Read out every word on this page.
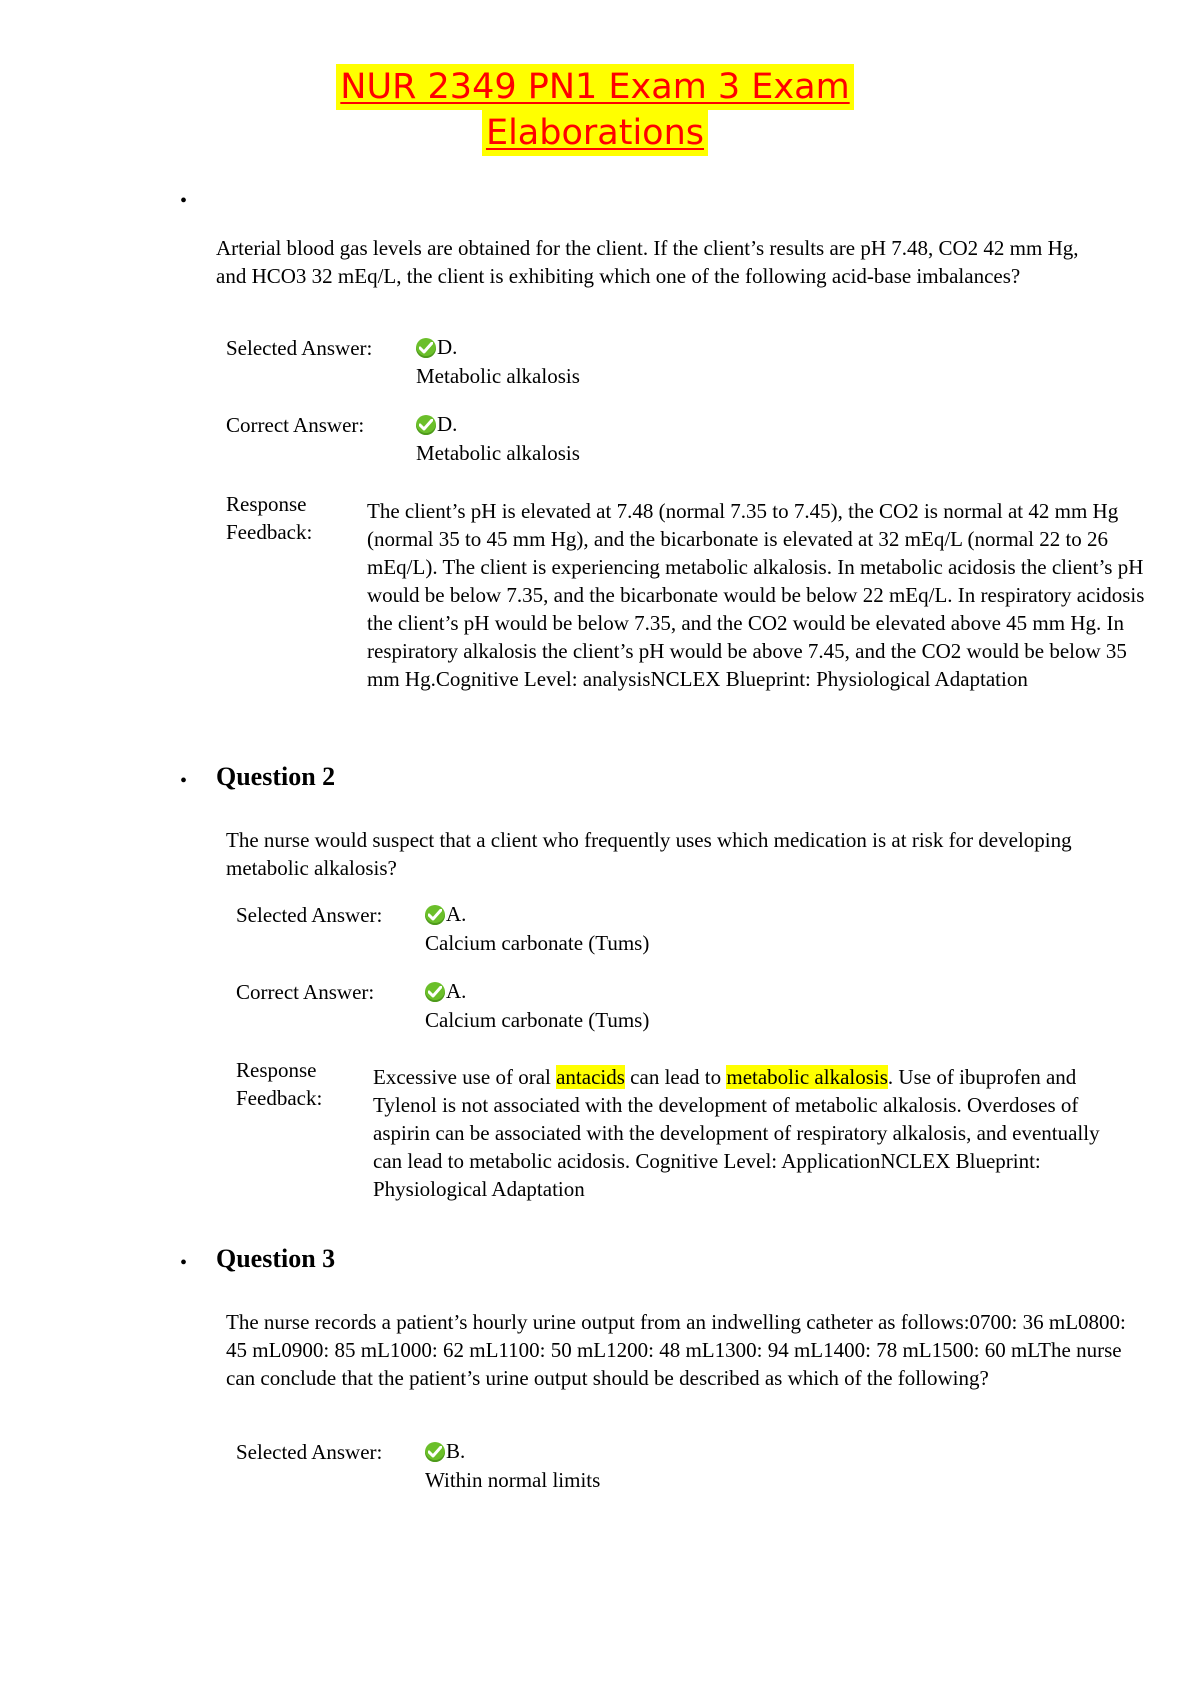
NUR 2349 PN1 Exam 3 Exam
Elaborations
•
Arterial blood gas levels are obtained for the client. If the client’s results are pH 7.48, CO2 42 mm Hg, and HCO3 32 mEq/L, the client is exhibiting which one of the following acid-base imbalances?
Selected Answer:	D.
Metabolic alkalosis
Correct Answer:	D.
Metabolic alkalosis
Response
Feedback:
The client’s pH is elevated at 7.48 (normal 7.35 to 7.45), the CO2 is normal at 42 mm Hg (normal 35 to 45 mm Hg), and the bicarbonate is elevated at 32 mEq/L (normal 22 to 26 mEq/L). The client is experiencing metabolic alkalosis. In metabolic acidosis the client’s pH would be below 7.35, and the bicarbonate would be below 22 mEq/L. In respiratory acidosis the client’s pH would be below 7.35, and the CO2 would be elevated above 45 mm Hg. In respiratory alkalosis the client’s pH would be above 7.45, and the CO2 would be below 35 mm Hg.Cognitive Level: analysisNCLEX Blueprint: Physiological Adaptation
• Question 2
The nurse would suspect that a client who frequently uses which medication is at risk for developing metabolic alkalosis?
Selected Answer:	A.
Calcium carbonate (Tums)
Correct Answer:	A.
Calcium carbonate (Tums)
Response
Feedback:
Excessive use of oral antacids can lead to metabolic alkalosis. Use of ibuprofen and Tylenol is not associated with the development of metabolic alkalosis. Overdoses of aspirin can be associated with the development of respiratory alkalosis, and eventually can lead to metabolic acidosis. Cognitive Level: ApplicationNCLEX Blueprint: Physiological Adaptation
• Question 3
The nurse records a patient’s hourly urine output from an indwelling catheter as follows:0700: 36 mL0800: 45 mL0900: 85 mL1000: 62 mL1100: 50 mL1200: 48 mL1300: 94 mL1400: 78 mL1500: 60 mLThe nurse can conclude that the patient’s urine output should be described as which of the following?
Selected Answer:	B.
Within normal limits
